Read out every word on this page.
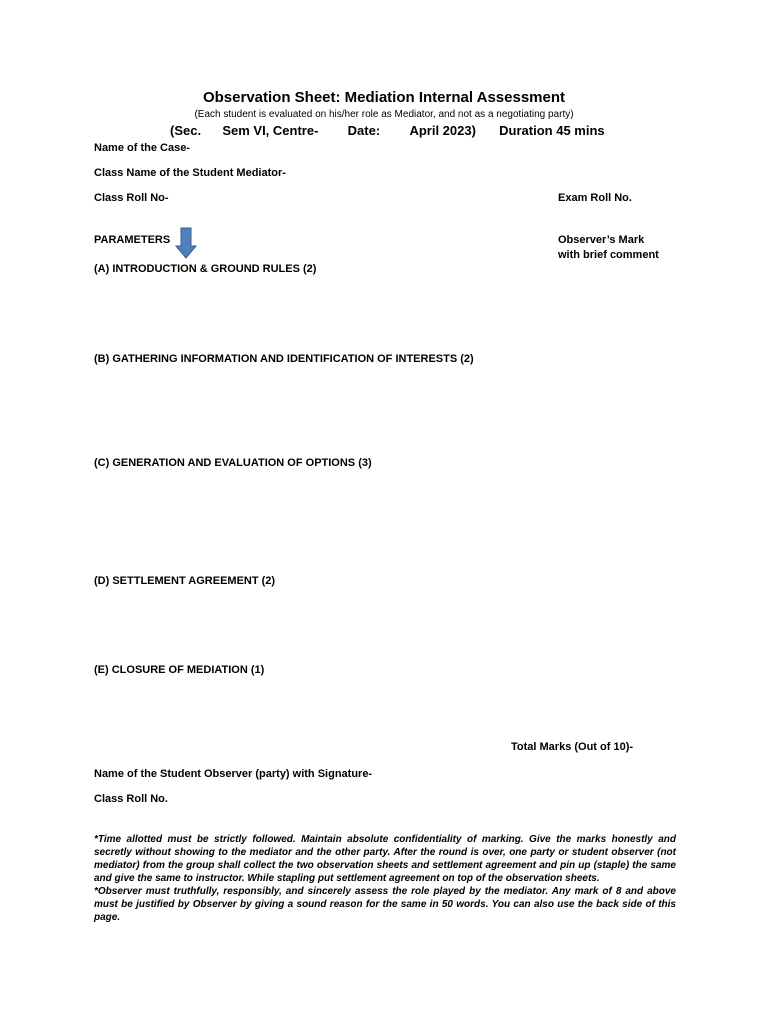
Observation Sheet: Mediation Internal Assessment
(Each student is evaluated on his/her role as Mediator, and not as a negotiating party)
(Sec. Sem VI, Centre- Date: April 2023) Duration 45 mins
Name of the Case-
Class Name of the Student Mediator-
Class Roll No-	Exam Roll No.
PARAMETERS	Observer’s Mark
with brief comment
(A) INTRODUCTION & GROUND RULES (2)
(B) GATHERING INFORMATION AND IDENTIFICATION OF INTERESTS (2)
(C) GENERATION AND EVALUATION OF OPTIONS (3)
(D) SETTLEMENT AGREEMENT (2)
(E) CLOSURE OF MEDIATION (1)
Total Marks (Out of 10)-
Name of the Student Observer (party) with Signature-
Class Roll No.

*Time allotted must be strictly followed. Maintain absolute confidentiality of marking. Give the marks honestly and secretly without showing to the mediator and the other party. After the round is over, one party or student observer (not mediator) from the group shall collect the two observation sheets and settlement agreement and pin up (staple) the same and give the same to instructor. While stapling put settlement agreement on top of the observation sheets.

*Observer must truthfully, responsibly, and sincerely assess the role played by the mediator. Any mark of 8 and above must be justified by Observer by giving a sound reason for the same in 50 words. You can also use the back side of this page.
